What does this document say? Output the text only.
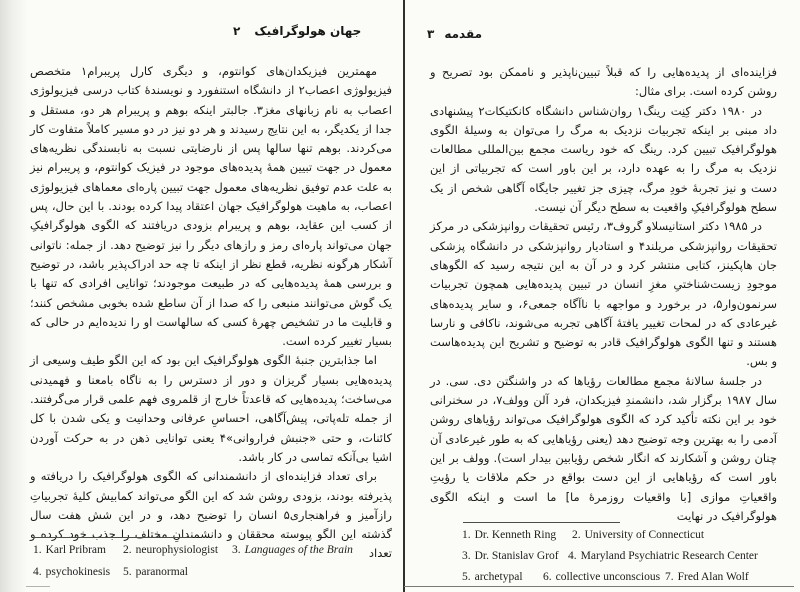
۲ جهان هولوگرافیک

مهمترین فیزیکدان‌های کوانتوم، و دیگری کارل پریبرام۱ متخصص فیزیولوژی اعصاب۲ از دانشگاه استنفورد و نویسندهٔ کتاب درسی فیزیولوژی اعصاب به نام زبانهای مغز۳. جالبتر اینکه بوهم و پریبرام هر دو، مستقل و جدا از یکدیگر، به این نتایج رسیدند و هر دو نیز در دو مسیر کاملاً متفاوت کار می‌کردند. بوهم تنها سالها پس از نارضایتی نسبت به نابسندگی نظریه‌های معمول در جهت تبیین همهٔ پدیده‌های موجود در فیزیک کوانتوم، و پریبرام نیز به علت عدم توفیق نظریه‌های معمول جهت تبیین پاره‌ای معماهای فیزیولوژی اعصاب، به ماهیت هولوگرافیک جهان اعتقاد پیدا کرده بودند. با این حال، پس از کسب این عقاید، بوهم و پریبرام بزودی دریافتند که الگوی هولوگرافیکِ جهان می‌تواند پاره‌ای رمز و رازهای دیگر را نیز توضیح دهد. از جمله: ناتوانی آشکار هرگونه نظریه، قطع نظر از اینکه تا چه حد ادراک‌پذیر باشد، در توضیح و بررسی همهٔ پدیده‌هایی که در طبیعت موجودند؛ توانایی افرادی که تنها با یک گوش می‌توانند منبعی را که صدا از آن ساطع شده بخوبی مشخص کنند؛ و قابلیت ما در تشخیص چهرهٔ کسی که سالهاست او را ندیده‌ایم در حالی که بسیار تغییر کرده است.

اما جذابترین جنبهٔ الگوی هولوگرافیک این بود که این الگو طیف وسیعی از پدیده‌هایی بسیار گریزان و دور از دسترس را به ناگاه بامعنا و فهمیدنی می‌ساخت؛ پدیده‌هایی که قاعدتاً خارج از قلمروی فهم علمی قرار می‌گرفتند. از جمله تله‌پاتی، پیش‌آگاهی، احساسِ عرفانی وحدانیت و یکی شدن با کل کائنات، و حتی «جنبش فراروانی»۴ یعنی توانایی ذهن در به حرکت آوردن اشیا بی‌آنکه تماسی در کار باشد.

برای تعداد فزاینده‌ای از دانشمندانی که الگوی هولوگرافیک را دریافته و پذیرفته بودند، بزودی روشن شد که این الگو می‌تواند کمابیش کلیهٔ تجربیاتِ رازآمیز و فراهنجاری۵ انسان را توضیح دهد، و در این شش هفت سال گذشته این الگو پیوسته محققان و دانشمندانِ مختلف را جذب خود کرده و تعداد

1. Karl Pribram 2. neurophysiologist 3. Languages of the Brain
4. psychokinesis 5. paranormal
۳ مقدمه

فزاینده‌ای از پدیده‌هایی را که قبلاً تبیین‌ناپذیر و ناممکن بود تصریح و روشن کرده است. برای مثال:

در ۱۹۸۰ دکتر کِنِت رینگ۱ روان‌شناس دانشگاه کانکتیکات۲ پیشنهادی داد مبنی بر اینکه تجربیات نزدیک به مرگ را می‌توان به وسیلهٔ الگوی هولوگرافیک تبیین کرد. رینگ که خود ریاست مجمع بین‌المللی مطالعات نزدیک به مرگ را به عهده دارد، بر این باور است که تجربیاتی از این دست و نیز تجربهٔ خودِ مرگ، چیزی جز تغییر جایگاه آگاهی شخص از یک سطح هولوگرافیکِ واقعیت به سطح دیگر آن نیست.

در ۱۹۸۵ دکتر استانیسلاو گروف۳، رئیس تحقیقات روانپزشکی در مرکز تحقیقات روانپزشکی مریلند۴ و استادیار روانپزشکی در دانشگاه پزشکی جان هاپکینز، کتابی منتشر کرد و در آن به این نتیجه رسید که الگوهای موجودِ زیست‌شناختیِ مغزِ انسان در تبیین پدیده‌هایی همچون تجربیات سرنمون‌وار۵، در برخورد و مواجهه با ناآگاه جمعی۶، و سایر پدیده‌های غیرعادی که در لمحات تغییر یافتهٔ آگاهی تجربه می‌شوند، ناکافی و نارسا هستند و تنها الگوی هولوگرافیک قادر به توضیح و تشریح این پدیده‌هاست و بس.

در جلسهٔ سالانهٔ مجمع مطالعات رؤیاها که در واشنگتن دی. سی. در سال ۱۹۸۷ برگزار شد، دانشمندِ فیزیکدان، فرد آلن وولف۷، در سخنرانی خود بر این نکته تأکید کرد که الگوی هولوگرافیک می‌تواند رؤیاهای روشن آدمی را به بهترین وجه توضیح دهد (یعنی رؤیاهایی که به طور غیرعادی آن چنان روشن و آشکارند که انگار شخص رؤیابین بیدار است). وولف بر این باور است که رؤیاهایی از این دست بواقع در حکم ملاقات یا رؤیتِ واقعیاتِ موازی [با واقعیات روزمرهٔ ما] ما است و اینکه الگوی هولوگرافیک در نهایت

1. Dr. Kenneth Ring 2. University of Connecticut
3. Dr. Stanislav Grof 4. Maryland Psychiatric Research Center
5. archetypal 6. collective unconscious 7. Fred Alan Wolf
